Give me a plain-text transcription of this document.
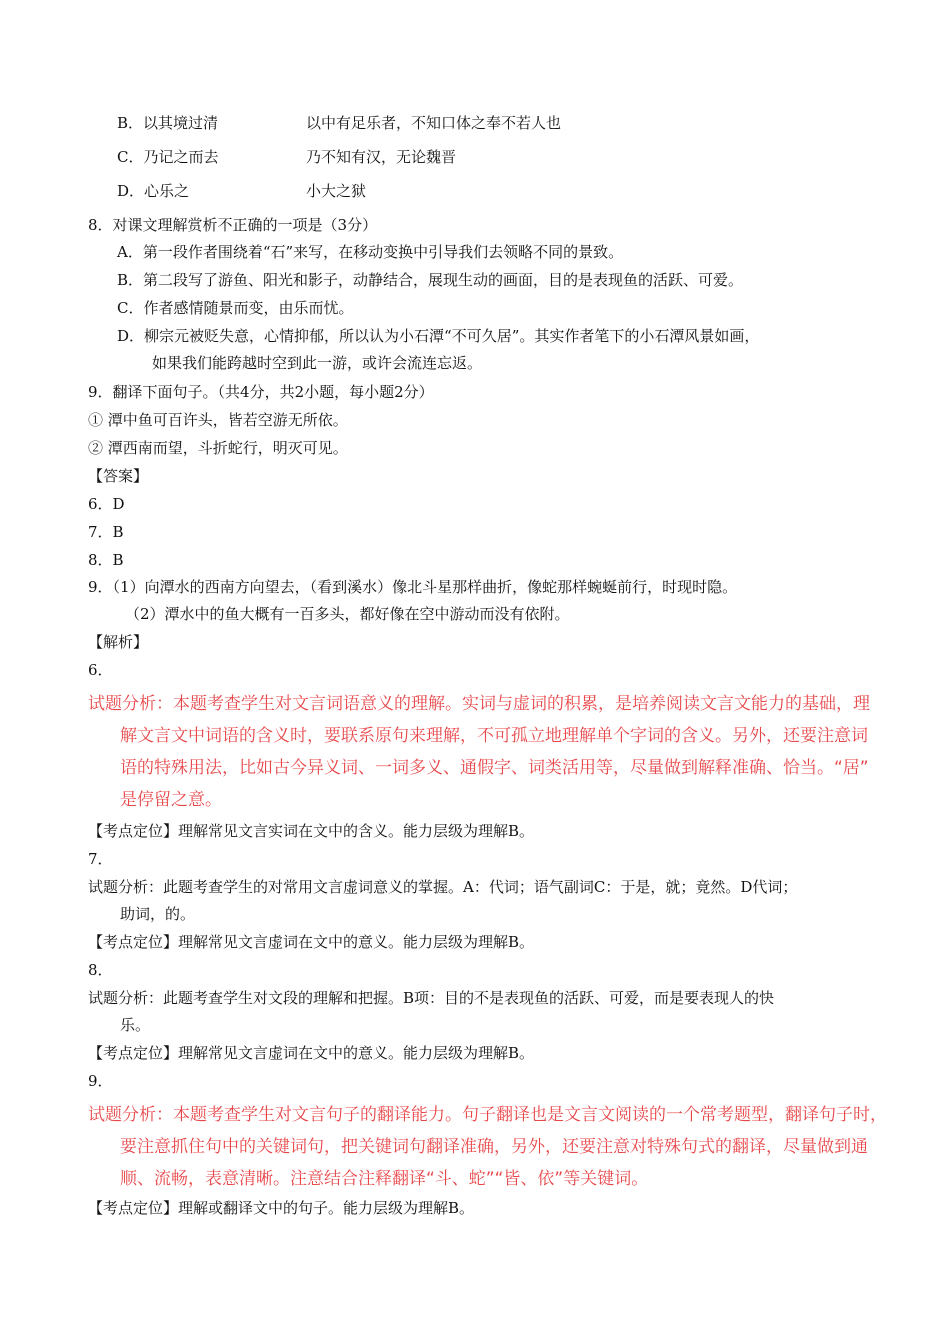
B．以其境过清	以中有足乐者，不知口体之奉不若人也
C．乃记之而去	乃不知有汉，无论魏晋
D．心乐之	小大之狱
8．对课文理解赏析不正确的一项是（3分）
A．第一段作者围绕着“石”来写，在移动变换中引导我们去领略不同的景致。
B．第二段写了游鱼、阳光和影子，动静结合，展现生动的画面，目的是表现鱼的活跃、可爱。
C．作者感情随景而变，由乐而忧。
D．柳宗元被贬失意，心情抑郁，所以认为小石潭“不可久居”。其实作者笔下的小石潭风景如画，
如果我们能跨越时空到此一游，或许会流连忘返。
9．翻译下面句子。（共4分，共2小题，每小题2分）
① 潭中鱼可百许头，皆若空游无所依。
② 潭西南而望，斗折蛇行，明灭可见。
【答案】
6．D
7．B
8．B
9．（1）向潭水的西南方向望去，（看到溪水）像北斗星那样曲折，像蛇那样蜿蜒前行，时现时隐。
（2）潭水中的鱼大概有一百多头，都好像在空中游动而没有依附。
【解析】
6．
试题分析：本题考查学生对文言词语意义的理解。实词与虚词的积累，是培养阅读文言文能力的基础，理
解文言文中词语的含义时，要联系原句来理解，不可孤立地理解单个字词的含义。另外，还要注意词
语的特殊用法，比如古今异义词、一词多义、通假字、词类活用等，尽量做到解释准确、恰当。“居”
是停留之意。
【考点定位】理解常见文言实词在文中的含义。能力层级为理解B。
7．
试题分析：此题考查学生的对常用文言虚词意义的掌握。A：代词；语气副词C：于是，就；竟然。D代词；
助词，的。
【考点定位】理解常见文言虚词在文中的意义。能力层级为理解B。
8．
试题分析：此题考查学生对文段的理解和把握。B项：目的不是表现鱼的活跃、可爱，而是要表现人的快
乐。
【考点定位】理解常见文言虚词在文中的意义。能力层级为理解B。
9．
试题分析：本题考查学生对文言句子的翻译能力。句子翻译也是文言文阅读的一个常考题型，翻译句子时，
要注意抓住句中的关键词句，把关键词句翻译准确，另外，还要注意对特殊句式的翻译，尽量做到通
顺、流畅，表意清晰。注意结合注释翻译“斗、蛇”“皆、依”等关键词。
【考点定位】理解或翻译文中的句子。能力层级为理解B。
